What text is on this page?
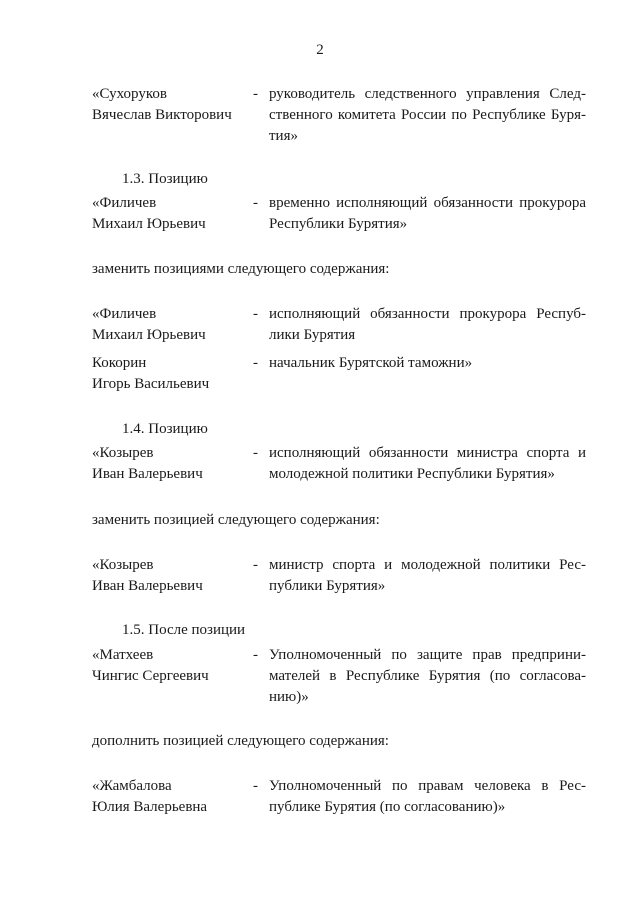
2
«Сухоруков
Вячеслав Викторович
- руководитель следственного управления След-
ственного комитета России по Республике Буря-
тия»
1.3. Позицию
«Филичев
Михаил Юрьевич
- временно исполняющий обязанности прокурора
Республики Бурятия»
заменить позициями следующего содержания:
«Филичев
Михаил Юрьевич
- исполняющий обязанности прокурора Респуб-
лики Бурятия
Кокорин
Игорь Васильевич
- начальник Бурятской таможни»
1.4. Позицию
«Козырев
Иван Валерьевич
- исполняющий обязанности министра спорта и
молодежной политики Республики Бурятия»
заменить позицией следующего содержания:
«Козырев
Иван Валерьевич
- министр спорта и молодежной политики Рес-
публики Бурятия»
1.5. После позиции
«Матхеев
Чингис Сергеевич
- Уполномоченный по защите прав предприни-
мателей в Республике Бурятия (по согласова-
нию)»
дополнить позицией следующего содержания:
«Жамбалова
Юлия Валерьевна
- Уполномоченный по правам человека в Рес-
публике Бурятия (по согласованию)»
